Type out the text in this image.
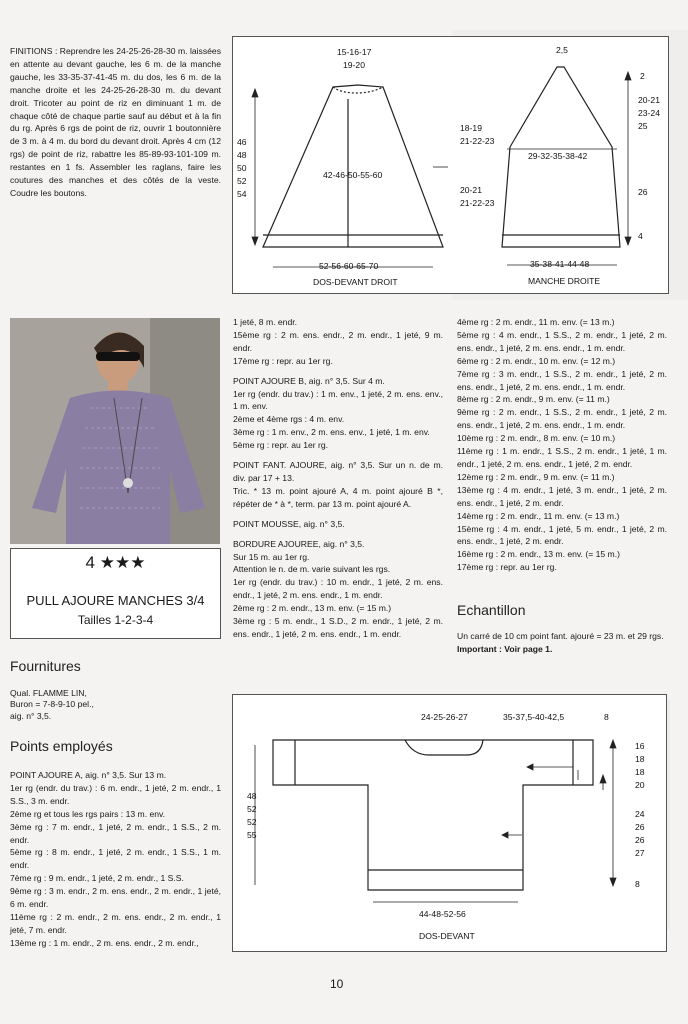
FINITIONS : Reprendre les 24-25-26-28-30 m. laissées en attente au devant gauche, les 6 m. de la manche gauche, les 33-35-37-41-45 m. du dos, les 6 m. de la manche droite et les 24-25-26-28-30 m. du devant droit. Tricoter au point de riz en diminuant 1 m. de chaque côté de chaque partie sauf au début et à la fin du rg. Après 6 rgs de point de riz, ouvrir 1 boutonnière de 3 m. à 4 m. du bord du devant droit. Après 4 cm (12 rgs) de point de riz, rabattre les 85-89-93-101-109 m. restantes en 1 fs. Assembler les raglans, faire les coutures des manches et des côtés de la veste. Coudre les boutons.

15-16-17
19-20
46
48
50
52
54
42-46-50-55-60
52-56-60-65-70
DOS-DEVANT DROIT
2,5
2
20-21
23-24
25
18-19
21-22-23
29-32-35-38-42
20-21
21-22-23
26
4
35-38-41-44-48
MANCHE DROITE
4 ★★★
PULL AJOURE MANCHES 3/4
Tailles 1-2-3-4
Fournitures

Qual. FLAMME LIN,

Buron = 7-8-9-10 pel.,

aig. n° 3,5.

Points employés

POINT AJOURE A, aig. n° 3,5. Sur 13 m.

1er rg (endr. du trav.) : 6 m. endr., 1 jeté, 2 m. endr., 1 S.S., 3 m. endr.

2ème rg et tous les rgs pairs : 13 m. env.

3ème rg : 7 m. endr., 1 jeté, 2 m. endr., 1 S.S., 2 m. endr.

5ème rg : 8 m. endr., 1 jeté, 2 m. endr., 1 S.S., 1 m. endr.

7ème rg : 9 m. endr., 1 jeté, 2 m. endr., 1 S.S.

9ème rg : 3 m. endr., 2 m. ens. endr., 2 m. endr., 1 jeté, 6 m. endr.

11ème rg : 2 m. endr., 2 m. ens. endr., 2 m. endr., 1 jeté, 7 m. endr.

13ème rg : 1 m. endr., 2 m. ens. endr., 2 m. endr.,

1 jeté, 8 m. endr.

15ème rg : 2 m. ens. endr., 2 m. endr., 1 jeté, 9 m. endr.

17ème rg : repr. au 1er rg.

POINT AJOURE B, aig. n° 3,5. Sur 4 m.

1er rg (endr. du trav.) : 1 m. env., 1 jeté, 2 m. ens. env., 1 m. env.

2ème et 4ème rgs : 4 m. env.

3ème rg : 1 m. env., 2 m. ens. env., 1 jeté, 1 m. env.

5ème rg : repr. au 1er rg.

POINT FANT. AJOURE, aig. n° 3,5. Sur un n. de m. div. par 17 + 13.

Tric. * 13 m. point ajouré A, 4 m. point ajouré B *, répéter de * à *, term. par 13 m. point ajouré A.

POINT MOUSSE, aig. n° 3,5.

BORDURE AJOUREE, aig. n° 3,5.

Sur 15 m. au 1er rg.

Attention le n. de m. varie suivant les rgs.

1er rg (endr. du trav.) : 10 m. endr., 1 jeté, 2 m. ens. endr., 1 jeté, 2 m. ens. endr., 1 m. endr.

2ème rg : 2 m. endr., 13 m. env. (= 15 m.)

3ème rg : 5 m. endr., 1 S.D., 2 m. endr., 1 jeté, 2 m. ens. endr., 1 jeté, 2 m. ens. endr., 1 m. endr.

4ème rg : 2 m. endr., 11 m. env. (= 13 m.)

5ème rg : 4 m. endr., 1 S.S., 2 m. endr., 1 jeté, 2 m. ens. endr., 1 jeté, 2 m. ens. endr., 1 m. endr.

6ème rg : 2 m. endr., 10 m. env. (= 12 m.)

7ème rg : 3 m. endr., 1 S.S., 2 m. endr., 1 jeté, 2 m. ens. endr., 1 jeté, 2 m. ens. endr., 1 m. endr.

8ème rg : 2 m. endr., 9 m. env. (= 11 m.)

9ème rg : 2 m. endr., 1 S.S., 2 m. endr., 1 jeté, 2 m. ens. endr., 1 jeté, 2 m. ens. endr., 1 m. endr.

10ème rg : 2 m. endr., 8 m. env. (= 10 m.)

11ème rg : 1 m. endr., 1 S.S., 2 m. endr., 1 jeté, 1 m. endr., 1 jeté, 2 m. ens. endr., 1 jeté, 2 m. endr.

12ème rg : 2 m. endr., 9 m. env. (= 11 m.)

13ème rg : 4 m. endr., 1 jeté, 3 m. endr., 1 jeté, 2 m. ens. endr., 1 jeté, 2 m. endr.

14ème rg : 2 m. endr., 11 m. env. (= 13 m.)

15ème rg : 4 m. endr., 1 jeté, 5 m. endr., 1 jeté, 2 m. ens. endr., 1 jeté, 2 m. endr.

16ème rg : 2 m. endr., 13 m. env. (= 15 m.)

17ème rg : repr. au 1er rg.

Echantillon

Un carré de 10 cm point fant. ajouré = 23 m. et 29 rgs.

Important : Voir page 1.

24-25-26-27	35-37,5-40-42,5	8
48
52
52
55
16
18
18
20
24
26
26
27
8
44-48-52-56
DOS-DEVANT
10
